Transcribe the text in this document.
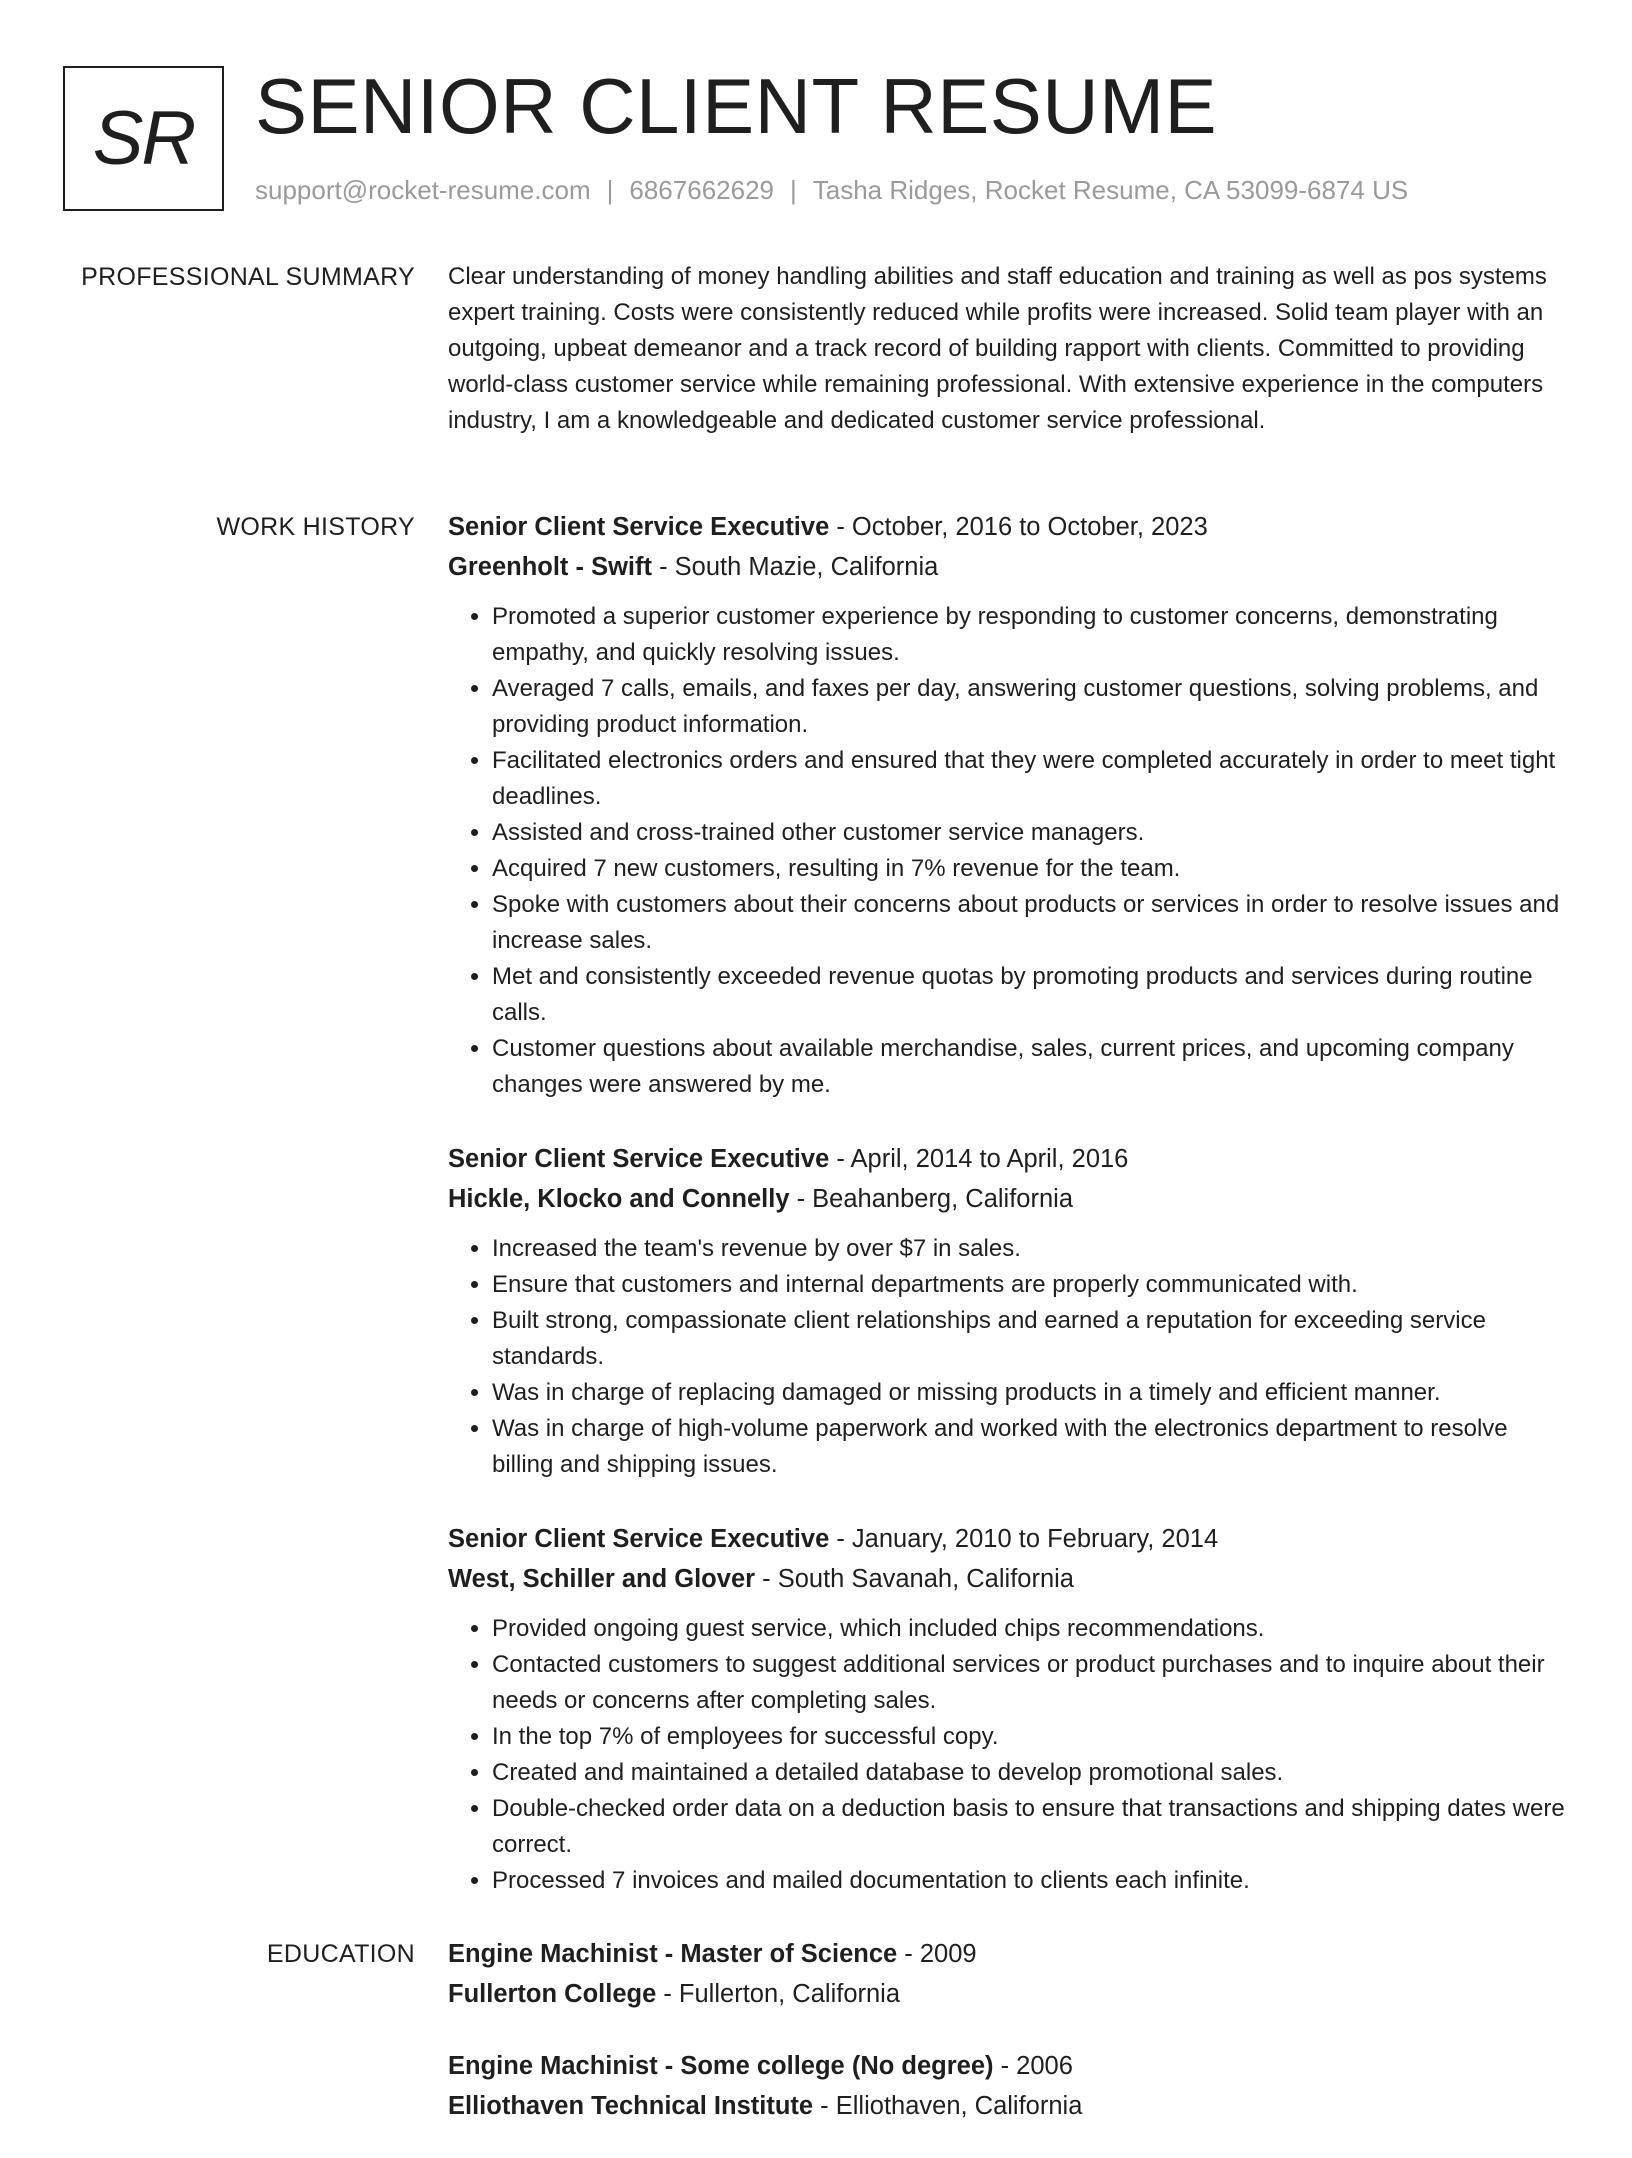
SR SENIOR CLIENT RESUME
support@rocket-resume.com | 6867662629 | Tasha Ridges, Rocket Resume, CA 53099-6874 US
PROFESSIONAL SUMMARY Clear understanding of money handling abilities and staff education and training as well as pos systems expert training. Costs were consistently reduced while profits were increased. Solid team player with an outgoing, upbeat demeanor and a track record of building rapport with clients. Committed to providing world-class customer service while remaining professional. With extensive experience in the computers industry, I am a knowledgeable and dedicated customer service professional.

WORK HISTORY Senior Client Service Executive - October, 2016 to October, 2023
Greenholt - Swift - South Mazie, California
• Promoted a superior customer experience by responding to customer concerns, demonstrating empathy, and quickly resolving issues.
• Averaged 7 calls, emails, and faxes per day, answering customer questions, solving problems, and providing product information.
• Facilitated electronics orders and ensured that they were completed accurately in order to meet tight deadlines.
• Assisted and cross-trained other customer service managers.
• Acquired 7 new customers, resulting in 7% revenue for the team.
• Spoke with customers about their concerns about products or services in order to resolve issues and increase sales.
• Met and consistently exceeded revenue quotas by promoting products and services during routine calls.
• Customer questions about available merchandise, sales, current prices, and upcoming company changes were answered by me.
Senior Client Service Executive - April, 2014 to April, 2016
Hickle, Klocko and Connelly - Beahanberg, California
• Increased the team's revenue by over $7 in sales.
• Ensure that customers and internal departments are properly communicated with.
• Built strong, compassionate client relationships and earned a reputation for exceeding service standards.
• Was in charge of replacing damaged or missing products in a timely and efficient manner.
• Was in charge of high-volume paperwork and worked with the electronics department to resolve billing and shipping issues.
Senior Client Service Executive - January, 2010 to February, 2014
West, Schiller and Glover - South Savanah, California
• Provided ongoing guest service, which included chips recommendations.
• Contacted customers to suggest additional services or product purchases and to inquire about their needs or concerns after completing sales.
• In the top 7% of employees for successful copy.
• Created and maintained a detailed database to develop promotional sales.
• Double-checked order data on a deduction basis to ensure that transactions and shipping dates were correct.
• Processed 7 invoices and mailed documentation to clients each infinite.
EDUCATION Engine Machinist - Master of Science - 2009
Fullerton College - Fullerton, California
Engine Machinist - Some college (No degree) - 2006
Elliothaven Technical Institute - Elliothaven, California
